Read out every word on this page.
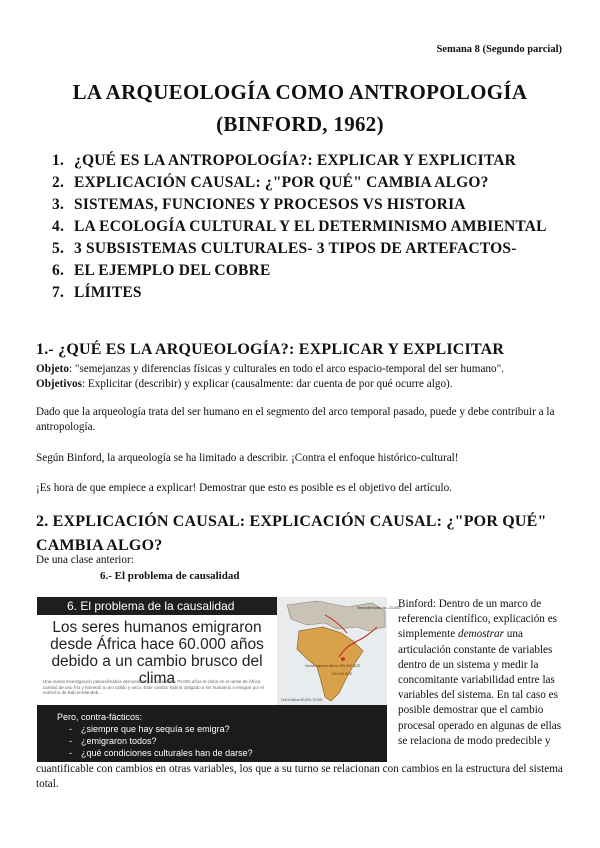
Semana 8 (Segundo parcial)
LA ARQUEOLOGÍA COMO ANTROPOLOGÍA
(BINFORD, 1962)
1. ¿QUÉ ES LA ANTROPOLOGÍA?: EXPLICAR Y EXPLICITAR
2. EXPLICACIÓN CAUSAL: ¿"POR QUÉ" CAMBIA ALGO?
3. SISTEMAS, FUNCIONES Y PROCESOS VS HISTORIA
4. LA ECOLOGÍA CULTURAL Y EL DETERMINISMO AMBIENTAL
5. 3 SUBSISTEMAS CULTURALES- 3 TIPOS DE ARTEFACTOS-
6. EL EJEMPLO DEL COBRE
7. LÍMITES
1.- ¿QUÉ ES LA ARQUEOLOGÍA?: EXPLICAR Y EXPLICITAR
Objeto: "semejanzas y diferencias físicas y culturales en todo el arco espacio-temporal del ser humano".
Objetivos: Explicitar (describir) y explicar (causalmente: dar cuenta de por qué ocurre algo).
Dado que la arqueología trata del ser humano en el segmento del arco temporal pasado, puede y debe contribuir a la antropología.
Según Binford, la arqueología se ha limitado a describir. ¡Contra el enfoque histórico-cultural!
¡Es hora de que empiece a explicar! Demostrar que esto es posible es el objetivo del artículo.
2. EXPLICACIÓN CAUSAL: EXPLICACIÓN CAUSAL: ¿"POR QUÉ" CAMBIA ALGO?
De una clase anterior:
6.- El problema de causalidad
6. El problema de la causalidad
Los seres humanos emigraron desde África hace 60.000 años debido a un cambio brusco del clima
Una nueva investigación paleoclimática demuestra que hace entre 70.000 años el clima en el oeste de África cambió de uno frío y húmedo a uno cálido y seco. Este cambio habría obligado a los humanos a emigrar por el estrecho de Bab el-Mandeb...
Neanderthals ca. 23,000
Homo sapiens Africa 200,000 BCE
100,000 BCE
Out of Africa 50,000-70,000
Pero, contra-fácticos:
- ¿siempre que hay sequía se emigra?
- ¿emigraron todos?
- ¿qué condiciones culturales han de darse?
Binford: Dentro de un marco de referencia científico, explicación es simplemente demostrar una articulación constante de variables dentro de un sistema y medir la concomitante variabilidad entre las variables del sistema. En tal caso es posible demostrar que el cambio procesal operado en algunas de ellas se relaciona de modo predecible y
cuantificable con cambios en otras variables, los que a su turno se relacionan con cambios en la estructura del sistema total.
